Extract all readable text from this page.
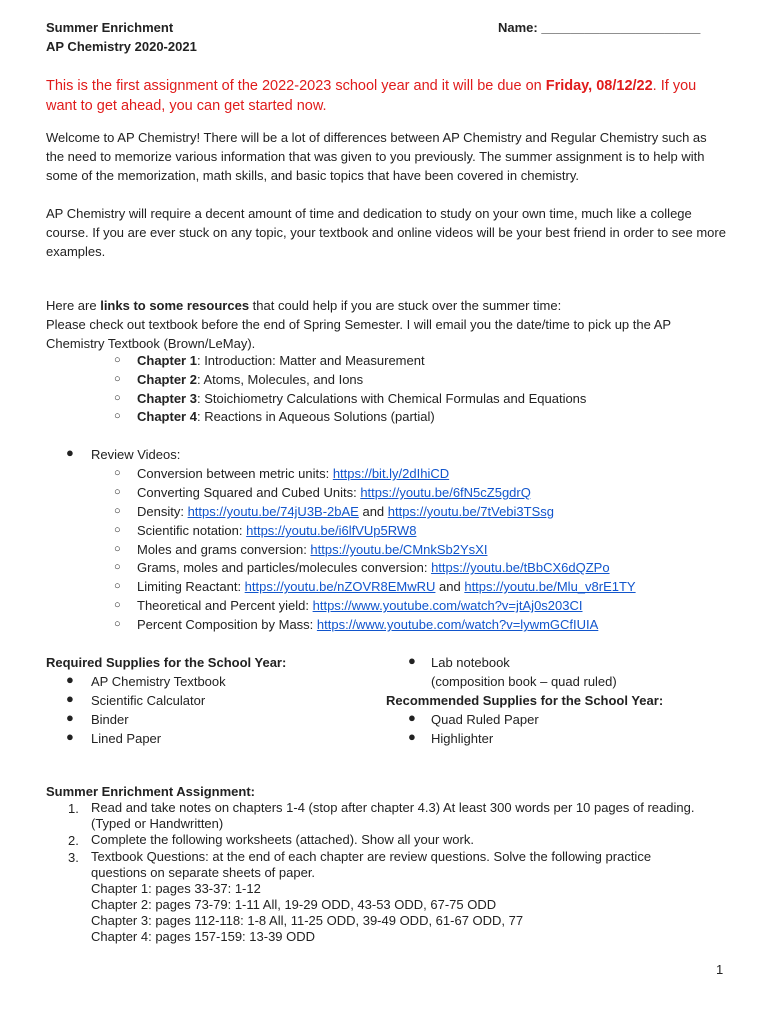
Summer Enrichment
AP Chemistry 2020-2021
Name: ______________________
This is the first assignment of the 2022-2023 school year and it will be due on Friday, 08/12/22. If you want to get ahead, you can get started now.
Welcome to AP Chemistry! There will be a lot of differences between AP Chemistry and Regular Chemistry such as the need to memorize various information that was given to you previously. The summer assignment is to help with some of the memorization, math skills, and basic topics that have been covered in chemistry.
AP Chemistry will require a decent amount of time and dedication to study on your own time, much like a college course. If you are ever stuck on any topic, your textbook and online videos will be your best friend in order to see more examples.
Here are links to some resources that could help if you are stuck over the summer time:
Please check out textbook before the end of Spring Semester. I will email you the date/time to pick up the AP Chemistry Textbook (Brown/LeMay).
○ Chapter 1: Introduction: Matter and Measurement
○ Chapter 2: Atoms, Molecules, and Ions
○ Chapter 3: Stoichiometry Calculations with Chemical Formulas and Equations
○ Chapter 4: Reactions in Aqueous Solutions (partial)
● Review Videos:
○ Conversion between metric units: https://bit.ly/2dIhiCD
○ Converting Squared and Cubed Units: https://youtu.be/6fN5cZ5gdrQ
○ Density: https://youtu.be/74jU3B-2bAE and https://youtu.be/7tVebi3TSsg
○ Scientific notation: https://youtu.be/i6lfVUp5RW8
○ Moles and grams conversion: https://youtu.be/CMnkSb2YsXI
○ Grams, moles and particles/molecules conversion: https://youtu.be/tBbCX6dQZPo
○ Limiting Reactant: https://youtu.be/nZOVR8EMwRU and https://youtu.be/Mlu_v8rE1TY
○ Theoretical and Percent yield: https://www.youtube.com/watch?v=jtAj0s203CI
○ Percent Composition by Mass: https://www.youtube.com/watch?v=lywmGCfIUIA
Required Supplies for the School Year:
● AP Chemistry Textbook
● Scientific Calculator
● Binder
● Lined Paper
● Lab notebook
(composition book – quad ruled)
Recommended Supplies for the School Year:
● Quad Ruled Paper
● Highlighter
Summer Enrichment Assignment:
1. Read and take notes on chapters 1-4 (stop after chapter 4.3) At least 300 words per 10 pages of reading. (Typed or Handwritten)
2. Complete the following worksheets (attached). Show all your work.
3. Textbook Questions: at the end of each chapter are review questions. Solve the following practice questions on separate sheets of paper.
Chapter 1: pages 33-37: 1-12
Chapter 2: pages 73-79: 1-11 All, 19-29 ODD, 43-53 ODD, 67-75 ODD
Chapter 3: pages 112-118: 1-8 All, 11-25 ODD, 39-49 ODD, 61-67 ODD, 77
Chapter 4: pages 157-159: 13-39 ODD
1
